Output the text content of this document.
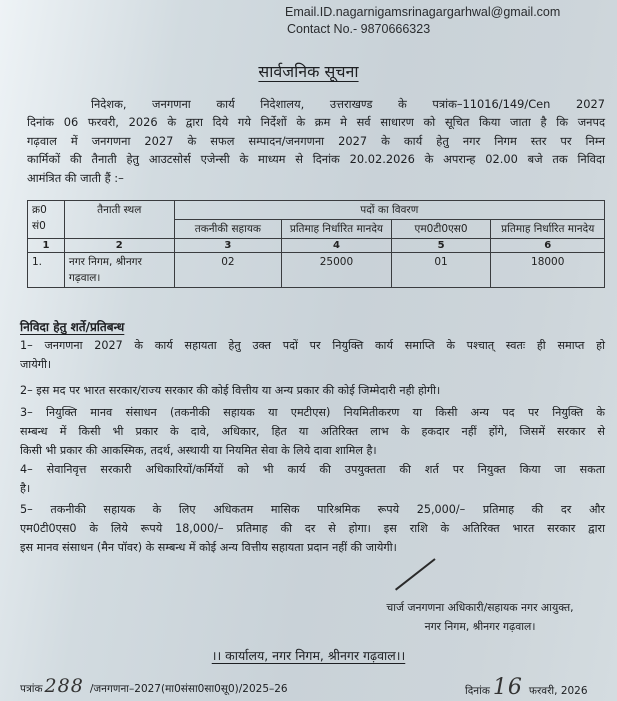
Email.ID.nagarnigamsrinagargarhwal@gmail.com
Contact No.- 9870666323
सार्वजनिक सूचना
निदेशक, जनगणना कार्य निदेशालय, उत्तराखण्ड के पत्रांक–11016/149/Cen 2027
दिनांक 06 फरवरी, 2026 के द्वारा दिये गये निर्देशों के क्रम मे सर्व साधारण को सूचित किया जाता है कि जनपद
गढ़वाल में जनगणना 2027 के सफल सम्पादन/जनगणना 2027 के कार्य हेतु नगर निगम स्तर पर निम्न
कार्मिकों की तैनाती हेतु आउटसोर्स एजेन्सी के माध्यम से दिनांक 20.02.2026 के अपरान्ह 02.00 बजे तक निविदा
आमंत्रित की जाती हैं :–
क्र0 सं0	तैनाती स्थल	पदों का विवरण			
		तकनीकी सहायक	प्रतिमाह निर्धारित मानदेय	एम0टी0एस0	प्रतिमाह निर्धारित मानदेय
1	2	3	4	5	6
1.	नगर निगम, श्रीनगर गढ़वाल।	02	25000	01	18000
निविदा हेतु शर्ते/प्रतिबन्ध
1– जनगणना 2027 के कार्य सहायता हेतु उक्त पदों पर नियुक्ति कार्य समाप्ति के पश्चात् स्वतः ही समाप्त हो
जायेगी।
2– इस मद पर भारत सरकार/राज्य सरकार की कोई वित्तीय या अन्य प्रकार की कोई जिम्मेदारी नही होगी।
3– नियुक्ति मानव संसाधन (तकनीकी सहायक या एमटीएस) नियमितीकरण या किसी अन्य पद पर नियुक्ति के
सम्बन्ध में किसी भी प्रकार के दावे, अधिकार, हित या अतिरिक्त लाभ के हकदार नहीं होंगे, जिसमें सरकार से
किसी भी प्रकार की आकस्मिक, तदर्थ, अस्थायी या नियमित सेवा के लिये दावा शामिल है।
4– सेवानिवृत्त सरकारी अधिकारियों/कर्मियों को भी कार्य की उपयुक्तता की शर्त पर नियुक्त किया जा सकता
है।
5– तकनीकी सहायक के लिए अधिकतम मासिक पारिश्रमिक रूपये 25,000/– प्रतिमाह की दर और
एम0टी0एस0 के लिये रूपये 18,000/– प्रतिमाह की दर से होगा। इस राशि के अतिरिक्त भारत सरकार द्वारा
इस मानव संसाधन (मैन पॉवर) के सम्बन्ध में कोई अन्य वित्तीय सहायता प्रदान नहीं की जायेगी।
चार्ज जनगणना अधिकारी/सहायक नगर आयुक्त,
नगर निगम, श्रीनगर गढ़वाल।
।। कार्यालय, नगर निगम, श्रीनगर गढ़वाल।।
पत्रांक 288 /जनगणना–2027(मा0संसा0सा0सू0)/2025–26	दिनांक 16 फरवरी, 2026
